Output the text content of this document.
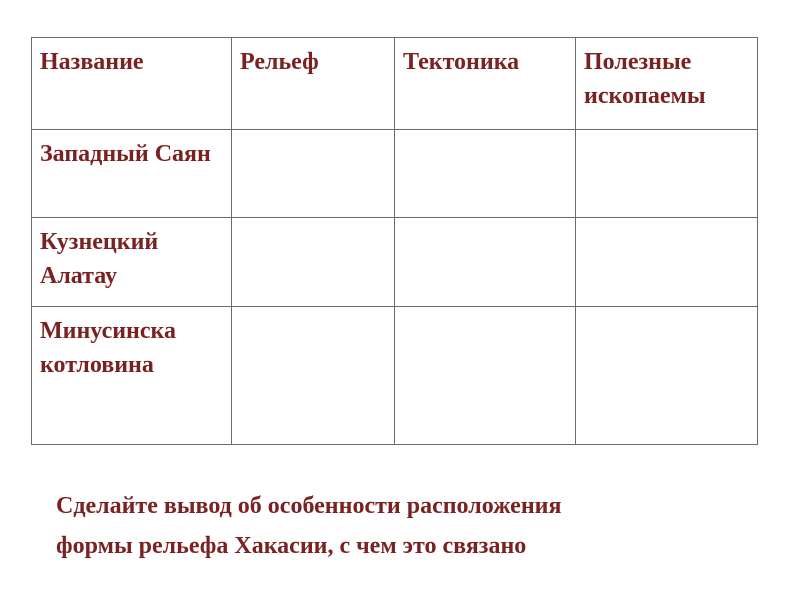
Название	Рельеф	Тектоника	Полезные ископаемы
Западный Саян			
Кузнецкий Алатау			
Минусинска котловина			

Сделайте вывод об особенности расположения
формы рельефа Хакасии, с чем это связано
